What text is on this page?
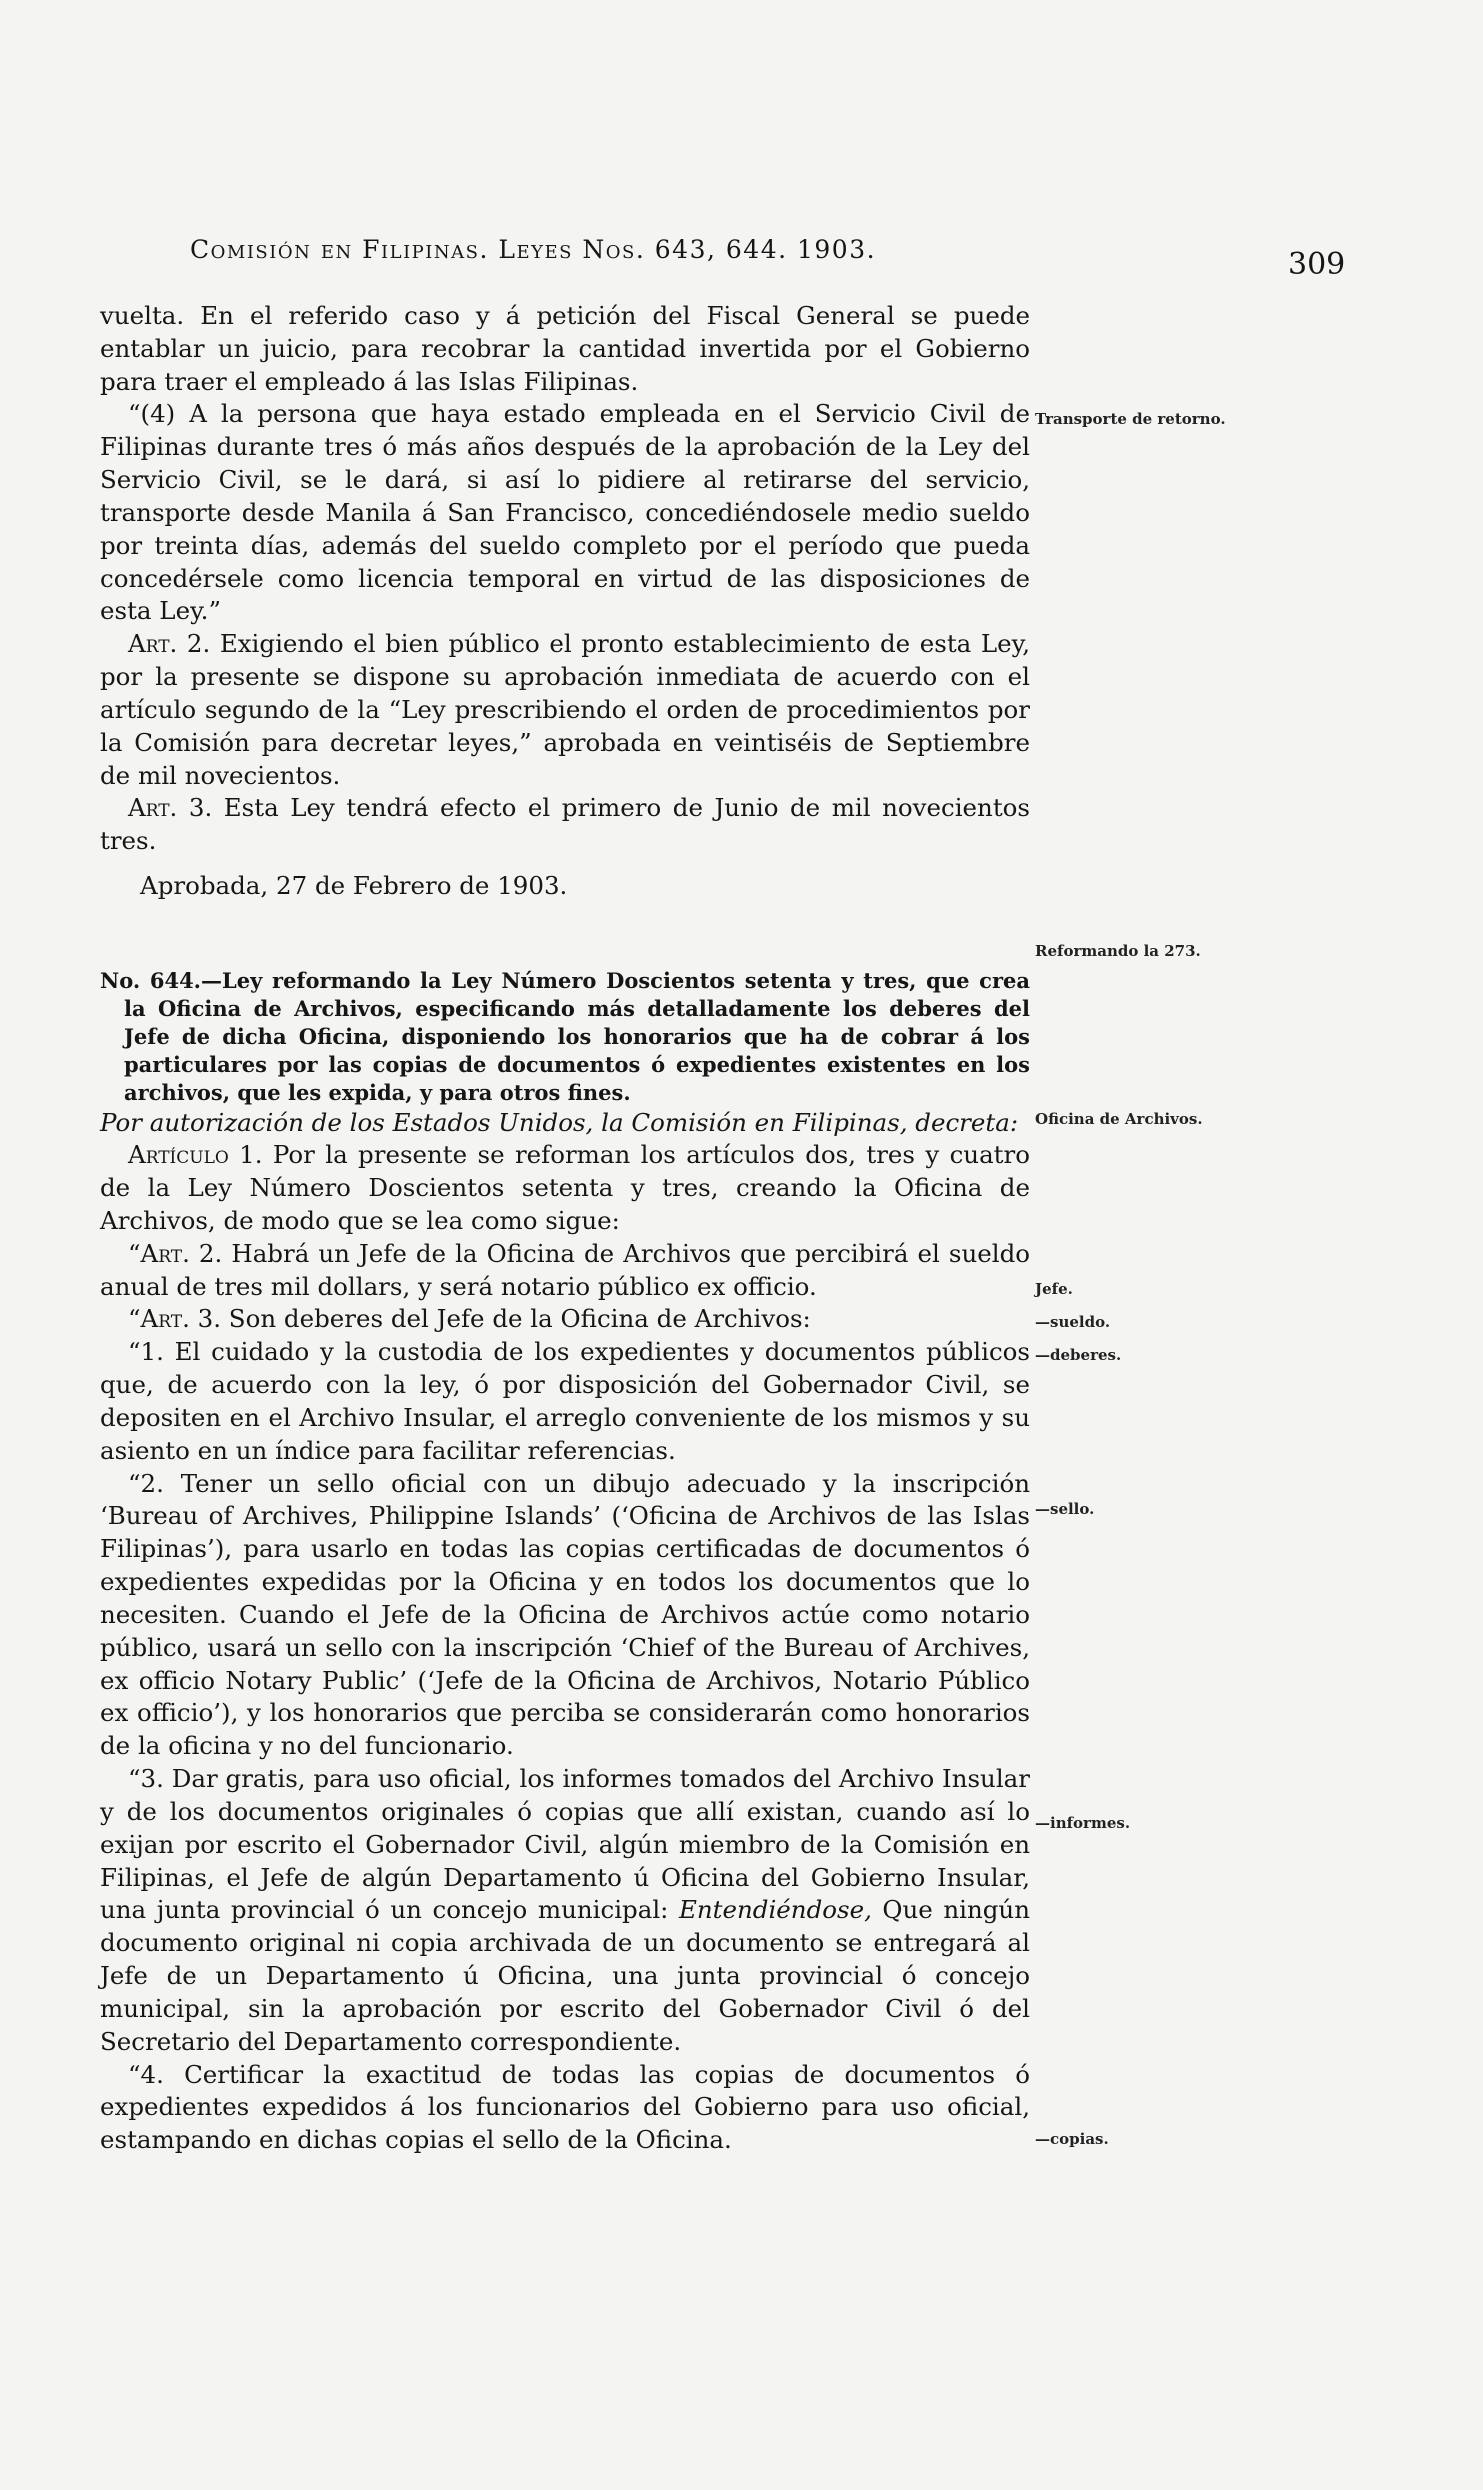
Comisión en Filipinas. Leyes Nos. 643, 644. 1903.	309

vuelta. En el referido caso y á petición del Fiscal General se puede entablar un juicio, para recobrar la cantidad invertida por el Gobierno para traer el empleado á las Islas Filipinas.

“(4) A la persona que haya estado empleada en el Servicio Civil de Filipinas durante tres ó más años después de la aprobación de la Ley del Servicio Civil, se le dará, si así lo pidiere al retirarse del servicio, transporte desde Manila á San Francisco, concediéndosele medio sueldo por treinta días, además del sueldo completo por el período que pueda concedérsele como licencia temporal en virtud de las disposiciones de esta Ley.”

Art. 2. Exigiendo el bien público el pronto establecimiento de esta Ley, por la presente se dispone su aprobación inmediata de acuerdo con el artículo segundo de la “Ley prescribiendo el orden de procedimientos por la Comisión para decretar leyes,” aprobada en veintiséis de Septiembre de mil novecientos.

Art. 3. Esta Ley tendrá efecto el primero de Junio de mil novecientos tres.

Aprobada, 27 de Febrero de 1903.

No. 644.—Ley reformando la Ley Número Doscientos setenta y tres, que crea la Oficina de Archivos, especificando más detalladamente los deberes del Jefe de dicha Oficina, disponiendo los honorarios que ha de cobrar á los particulares por las copias de documentos ó expedientes existentes en los archivos, que les expida, y para otros fines.

Por autorización de los Estados Unidos, la Comisión en Filipinas, decreta:

Artículo 1. Por la presente se reforman los artículos dos, tres y cuatro de la Ley Número Doscientos setenta y tres, creando la Oficina de Archivos, de modo que se lea como sigue:

“Art. 2. Habrá un Jefe de la Oficina de Archivos que percibirá el sueldo anual de tres mil dollars, y será notario público ex officio.

“Art. 3. Son deberes del Jefe de la Oficina de Archivos:

“1. El cuidado y la custodia de los expedientes y documentos públicos que, de acuerdo con la ley, ó por disposición del Gobernador Civil, se depositen en el Archivo Insular, el arreglo conveniente de los mismos y su asiento en un índice para facilitar referencias.

“2. Tener un sello oficial con un dibujo adecuado y la inscripción ‘Bureau of Archives, Philippine Islands’ (‘Oficina de Archivos de las Islas Filipinas’), para usarlo en todas las copias certificadas de documentos ó expedientes expedidas por la Oficina y en todos los documentos que lo necesiten. Cuando el Jefe de la Oficina de Archivos actúe como notario público, usará un sello con la inscripción ‘Chief of the Bureau of Archives, ex officio Notary Public’ (‘Jefe de la Oficina de Archivos, Notario Público ex officio’), y los honorarios que perciba se considerarán como honorarios de la oficina y no del funcionario.

“3. Dar gratis, para uso oficial, los informes tomados del Archivo Insular y de los documentos originales ó copias que allí existan, cuando así lo exijan por escrito el Gobernador Civil, algún miembro de la Comisión en Filipinas, el Jefe de algún Departamento ú Oficina del Gobierno Insular, una junta provincial ó un concejo municipal: Entendiéndose, Que ningún documento original ni copia archivada de un documento se entregará al Jefe de un Departamento ú Oficina, una junta provincial ó concejo municipal, sin la aprobación por escrito del Gobernador Civil ó del Secretario del Departamento correspondiente.

“4. Certificar la exactitud de todas las copias de documentos ó expedientes expedidos á los funcionarios del Gobierno para uso oficial, estampando en dichas copias el sello de la Oficina.

Transporte de retorno.
Reformando la 273.
Oficina de Archivos.
Jefe.
—sueldo.
—deberes.
—sello.
—informes.
—copias.
